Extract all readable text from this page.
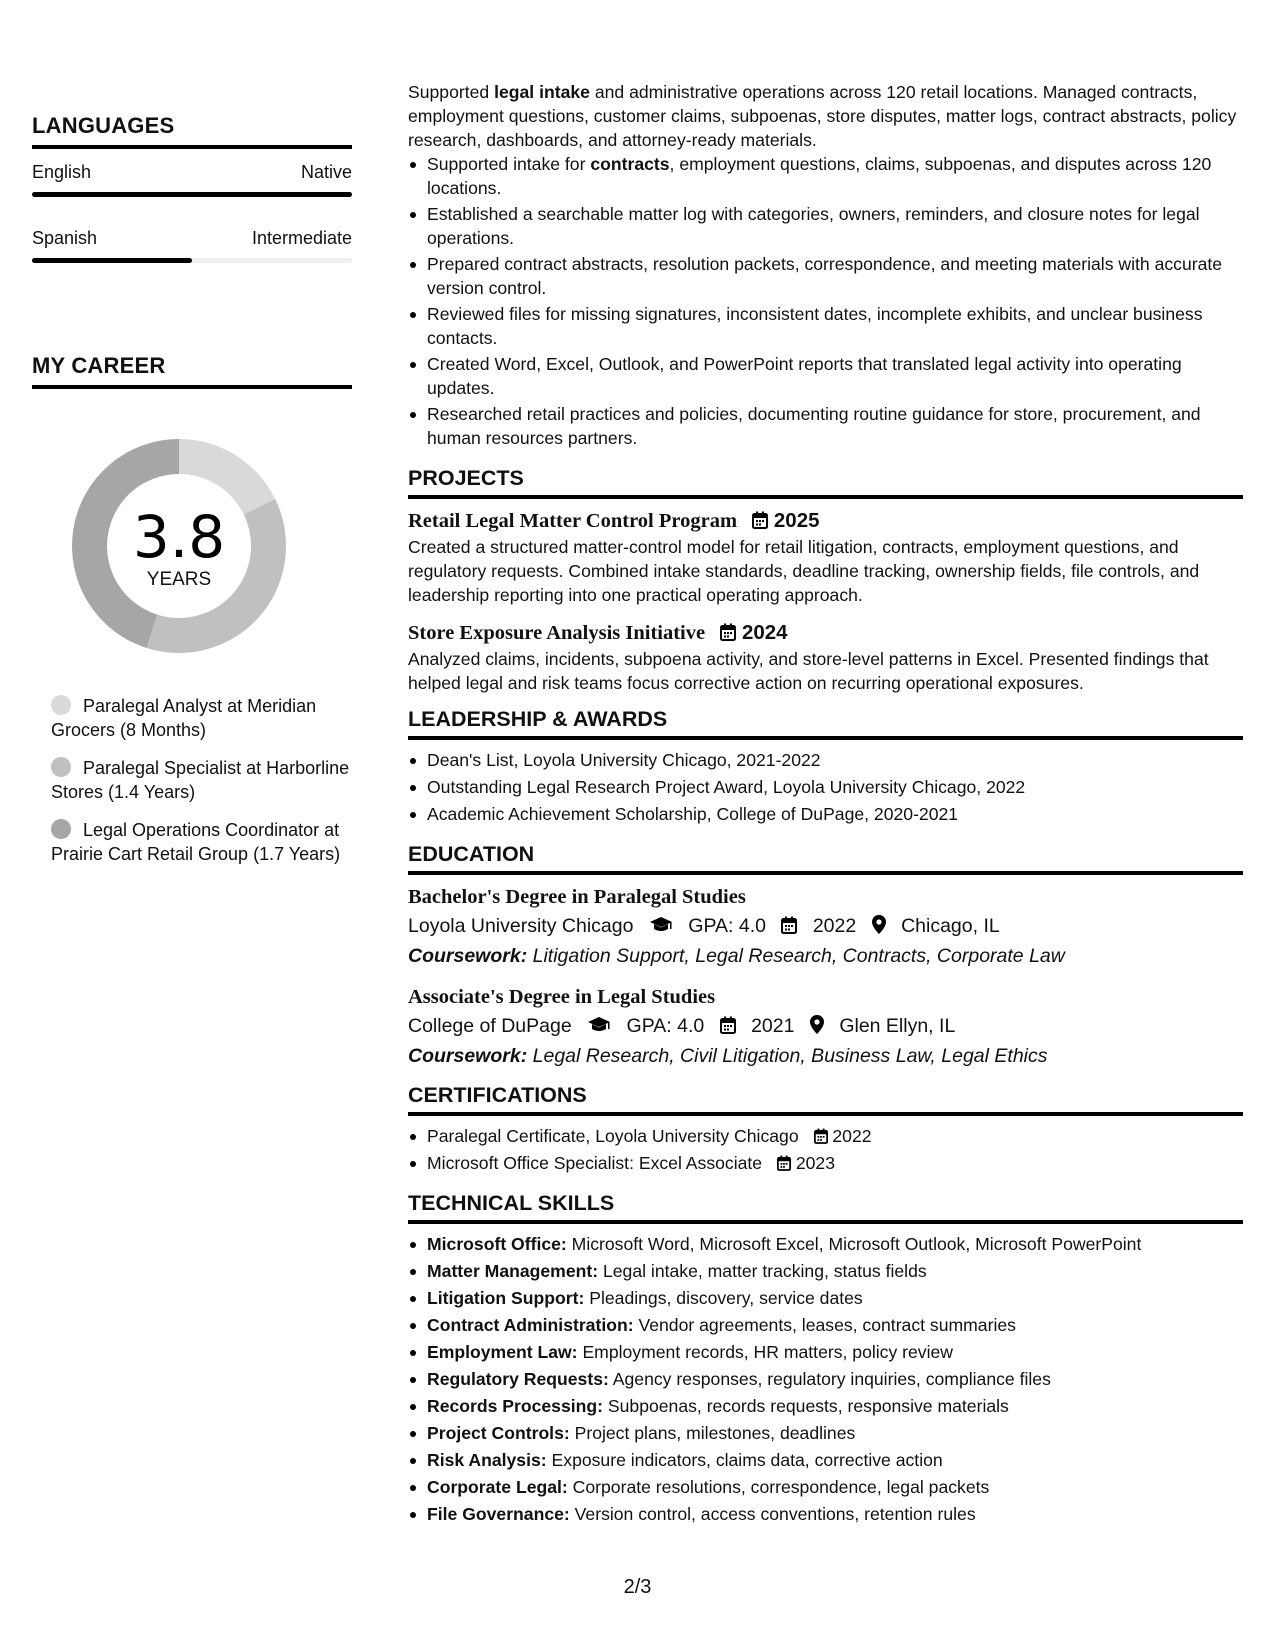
LANGUAGES
English	Native
Spanish	Intermediate
MY CAREER
3.8
YEARS
Paralegal Analyst at Meridian Grocers (8 Months)
Paralegal Specialist at Harborline Stores (1.4 Years)
Legal Operations Coordinator at Prairie Cart Retail Group (1.7 Years)
Supported legal intake and administrative operations across 120 retail locations. Managed contracts, employment questions, customer claims, subpoenas, store disputes, matter logs, contract abstracts, policy research, dashboards, and attorney-ready materials.
Supported intake for contracts, employment questions, claims, subpoenas, and disputes across 120 locations.
Established a searchable matter log with categories, owners, reminders, and closure notes for legal operations.
Prepared contract abstracts, resolution packets, correspondence, and meeting materials with accurate version control.
Reviewed files for missing signatures, inconsistent dates, incomplete exhibits, and unclear business contacts.
Created Word, Excel, Outlook, and PowerPoint reports that translated legal activity into operating updates.
Researched retail practices and policies, documenting routine guidance for store, procurement, and human resources partners.
PROJECTS
Retail Legal Matter Control Program 2025
Created a structured matter-control model for retail litigation, contracts, employment questions, and regulatory requests. Combined intake standards, deadline tracking, ownership fields, file controls, and leadership reporting into one practical operating approach.
Store Exposure Analysis Initiative 2024
Analyzed claims, incidents, subpoena activity, and store-level patterns in Excel. Presented findings that helped legal and risk teams focus corrective action on recurring operational exposures.
LEADERSHIP & AWARDS
Dean's List, Loyola University Chicago, 2021-2022
Outstanding Legal Research Project Award, Loyola University Chicago, 2022
Academic Achievement Scholarship, College of DuPage, 2020-2021
EDUCATION
Bachelor's Degree in Paralegal Studies
Loyola University Chicago	GPA: 4.0 2022 Chicago, IL
Coursework: Litigation Support, Legal Research, Contracts, Corporate Law
Associate's Degree in Legal Studies
College of DuPage	GPA: 4.0 2021 Glen Ellyn, IL
Coursework: Legal Research, Civil Litigation, Business Law, Legal Ethics
CERTIFICATIONS
Paralegal Certificate, Loyola University Chicago 2022
Microsoft Office Specialist: Excel Associate 2023
TECHNICAL SKILLS
Microsoft Office: Microsoft Word, Microsoft Excel, Microsoft Outlook, Microsoft PowerPoint
Matter Management: Legal intake, matter tracking, status fields
Litigation Support: Pleadings, discovery, service dates
Contract Administration: Vendor agreements, leases, contract summaries
Employment Law: Employment records, HR matters, policy review
Regulatory Requests: Agency responses, regulatory inquiries, compliance files
Records Processing: Subpoenas, records requests, responsive materials
Project Controls: Project plans, milestones, deadlines
Risk Analysis: Exposure indicators, claims data, corrective action
Corporate Legal: Corporate resolutions, correspondence, legal packets
File Governance: Version control, access conventions, retention rules
2/3
